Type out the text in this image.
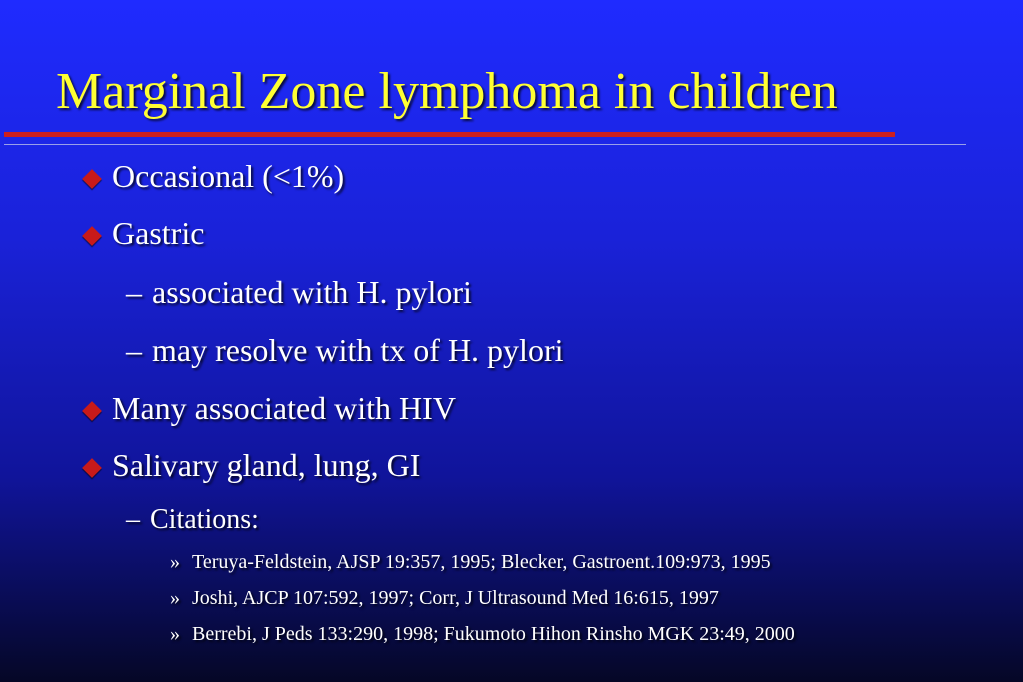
Marginal Zone lymphoma in children
Occasional (<1%)
Gastric
– associated with H. pylori
– may resolve with tx of H. pylori
Many associated with HIV
Salivary gland, lung, GI
– Citations:
» Teruya-Feldstein, AJSP 19:357, 1995; Blecker, Gastroent.109:973, 1995
» Joshi, AJCP 107:592, 1997; Corr, J Ultrasound Med 16:615, 1997
» Berrebi, J Peds 133:290, 1998; Fukumoto Hihon Rinsho MGK 23:49, 2000
